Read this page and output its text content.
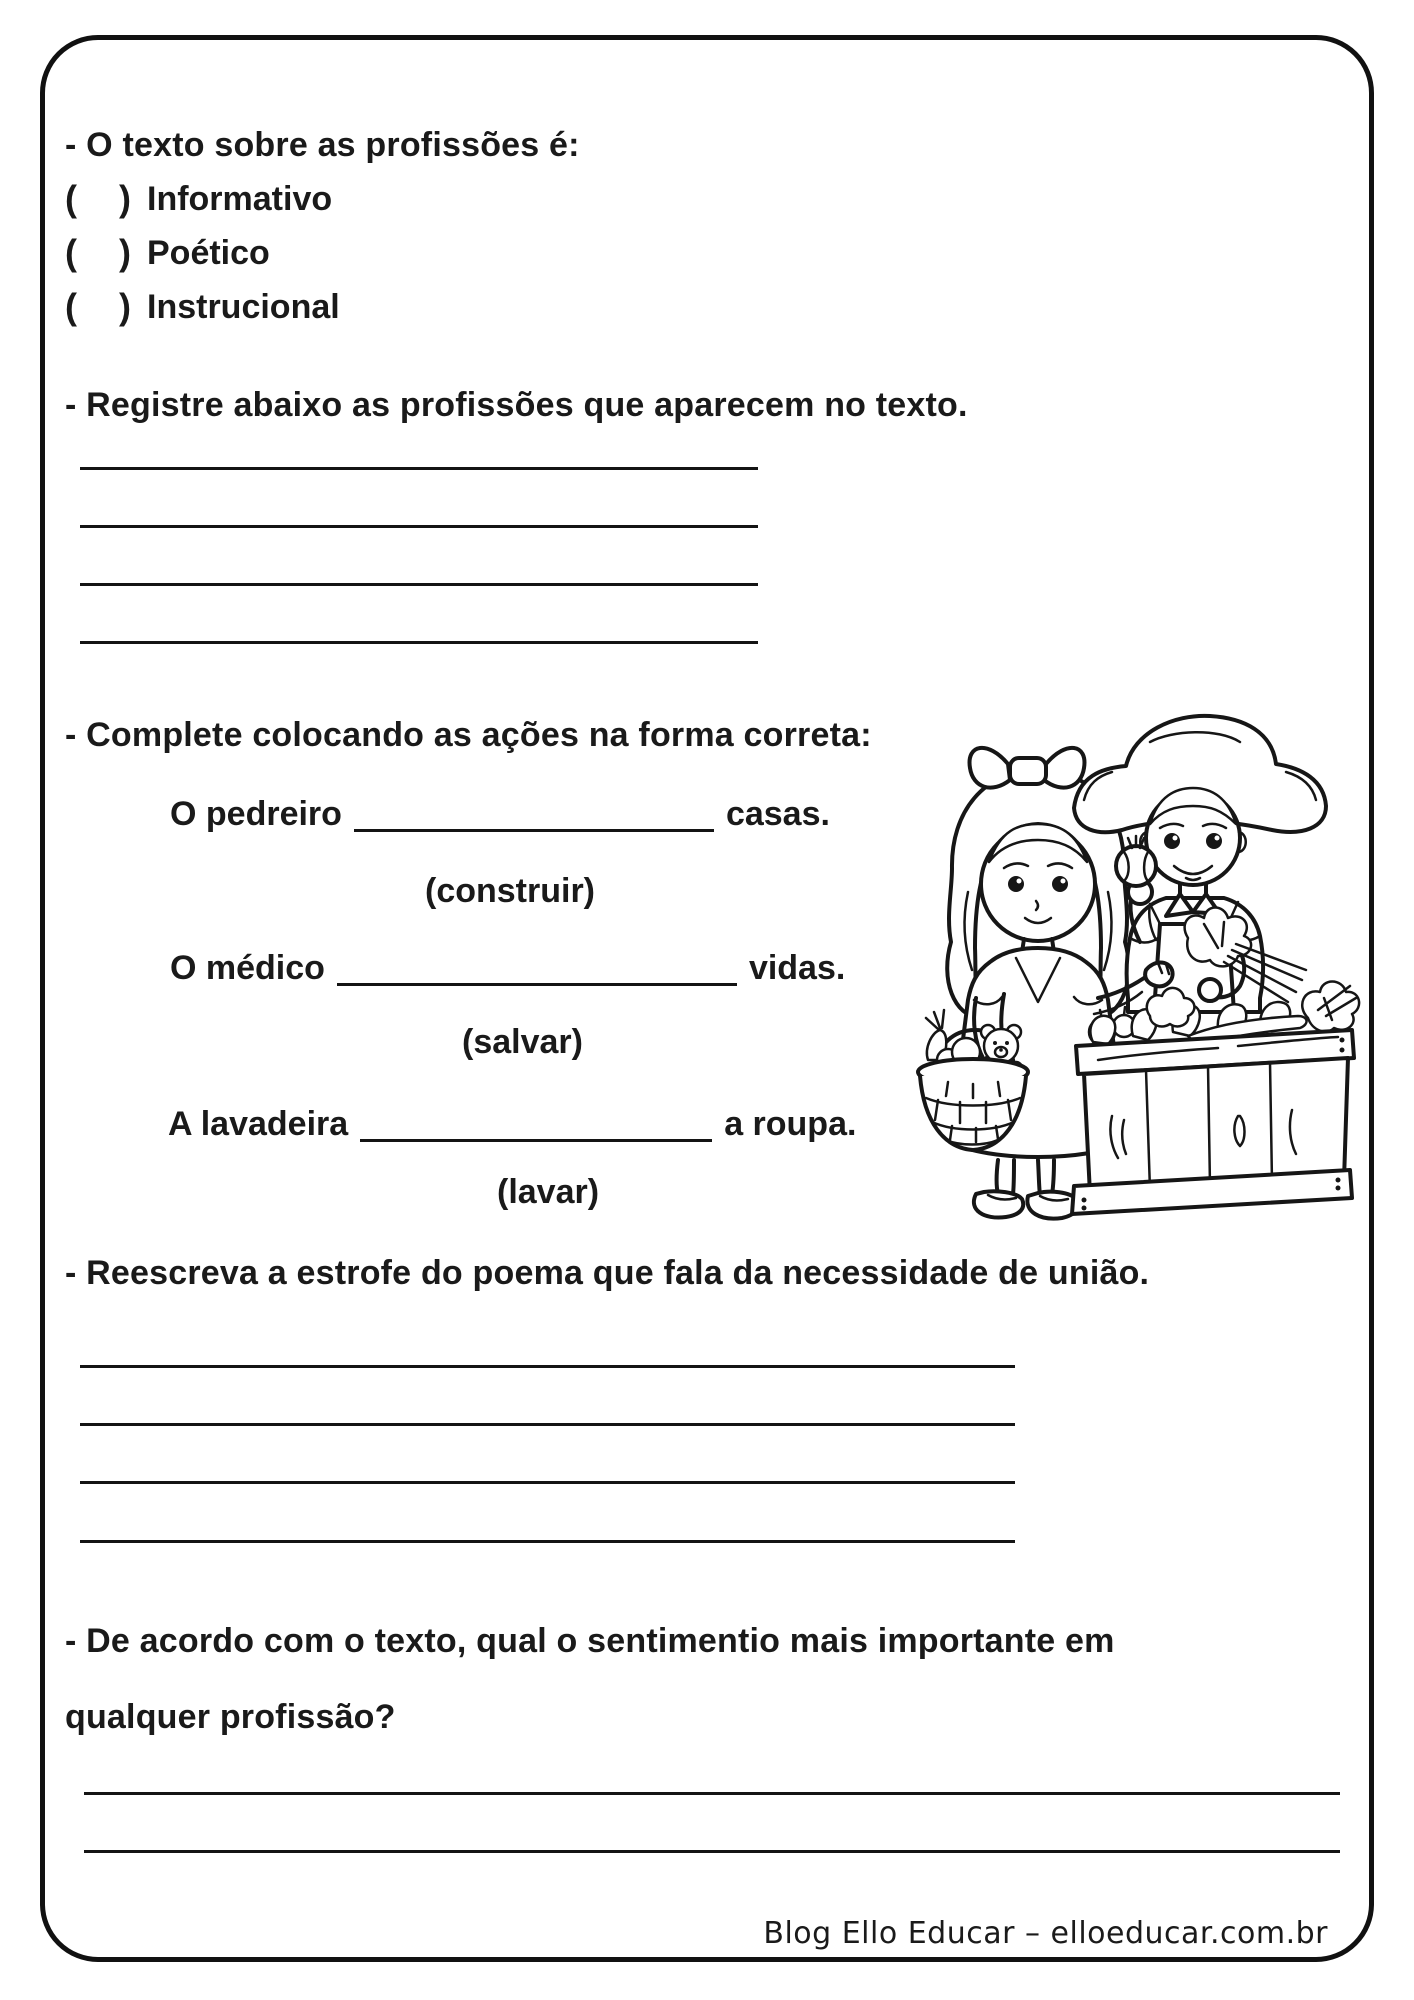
- O texto sobre as profissões é:
( ) Informativo
( ) Poético
( ) Instrucional
- Registre abaixo as profissões que aparecem no texto.
- Complete colocando as ações na forma correta:
O pedreiro	casas.
(construir)
O médico	vidas.
(salvar)
A lavadeira	a roupa.
(lavar)
- Reescreva a estrofe do poema que fala da necessidade de união.
- De acordo com o texto, qual o sentimentio mais importante em
qualquer profissão?
Blog Ello Educar – elloeducar.com.br
